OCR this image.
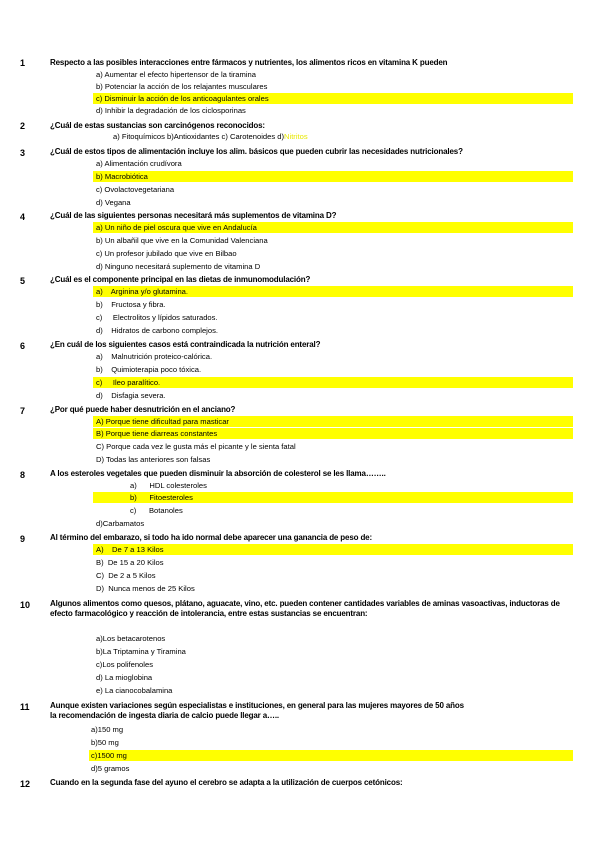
1	Respecto a las posibles interacciones entre fármacos y nutrientes, los alimentos ricos en vitamina K pueden
a) Aumentar el efecto hipertensor de la tiramina
b) Potenciar la acción de los relajantes musculares
c) Disminuir la acción de los anticoagulantes orales
d) Inhibir la degradación de los ciclosporinas
2	¿Cuál de estas sustancias son carcinógenos reconocidos:
a) Fitoquímicos b)Antioxidantes c) Carotenoides d)Nitritos
3	¿Cuál de estos tipos de alimentación incluye los alim. básicos que pueden cubrir las necesidades nutricionales?
a) Alimentación crudívora
b) Macrobiótica
c) Ovolactovegetariana
d) Vegana
4	¿Cuál de las siguientes personas necesitará más suplementos de vitamina D?
a) Un niño de piel oscura que vive en Andalucía
b) Un albañil que vive en la Comunidad Valenciana
c) Un profesor jubilado que vive en Bilbao
d) Ninguno necesitará suplemento de vitamina D
5	¿Cuál es el componente principal en las dietas de inmunomodulación?
a)    Arginina y/o glutamina.
b)    Fructosa y fibra.
c)     Electrolitos y lípidos saturados.
d)    Hidratos de carbono complejos.
6	¿En cuál de los siguientes casos está contraindicada la nutrición enteral?
a)    Malnutrición proteico-calórica.
b)    Quimioterapia poco tóxica.
c)     Ileo paralítico.
d)    Disfagia severa.
7	¿Por qué puede haber desnutrición en el anciano?
A) Porque tiene dificultad para masticar
B) Porque tiene diarreas constantes
C) Porque cada vez le gusta más el picante y le sienta fatal
D) Todas las anteriores son falsas
8	A los esteroles vegetales que pueden disminuir la absorción de colesterol se les llama……..
a)      HDL colesteroles
b)      Fitoesteroles
c)      Botanoles
d)Carbamatos
9	Al término del embarazo, si todo ha ido normal debe aparecer una ganancia de peso de:
A)    De 7 a 13 Kilos
B)  De 15 a 20 Kilos
C)  De 2 a 5 Kilos
D)  Nunca menos de 25 Kilos
10 Algunos alimentos como quesos, plátano, aguacate, vino, etc. pueden contener cantidades variables de aminas vasoactivas, inductoras de efecto farmacológico y reacción de intolerancia, entre estas sustancias se encuentran:
a)Los betacarotenos
b)La Triptamina y Tiramina
c)Los polifenoles
d) La mioglobina
e) La cianocobalamina
11	Aunque existen variaciones según especialistas e instituciones, en general para las mujeres mayores de 50 años la recomendación de ingesta diaria de calcio puede llegar a…..
a)150 mg
b)50 mg
c)1500 mg
d)5 gramos
12 Cuando en la segunda fase del ayuno el cerebro se adapta a la utilización de cuerpos cetónicos:
